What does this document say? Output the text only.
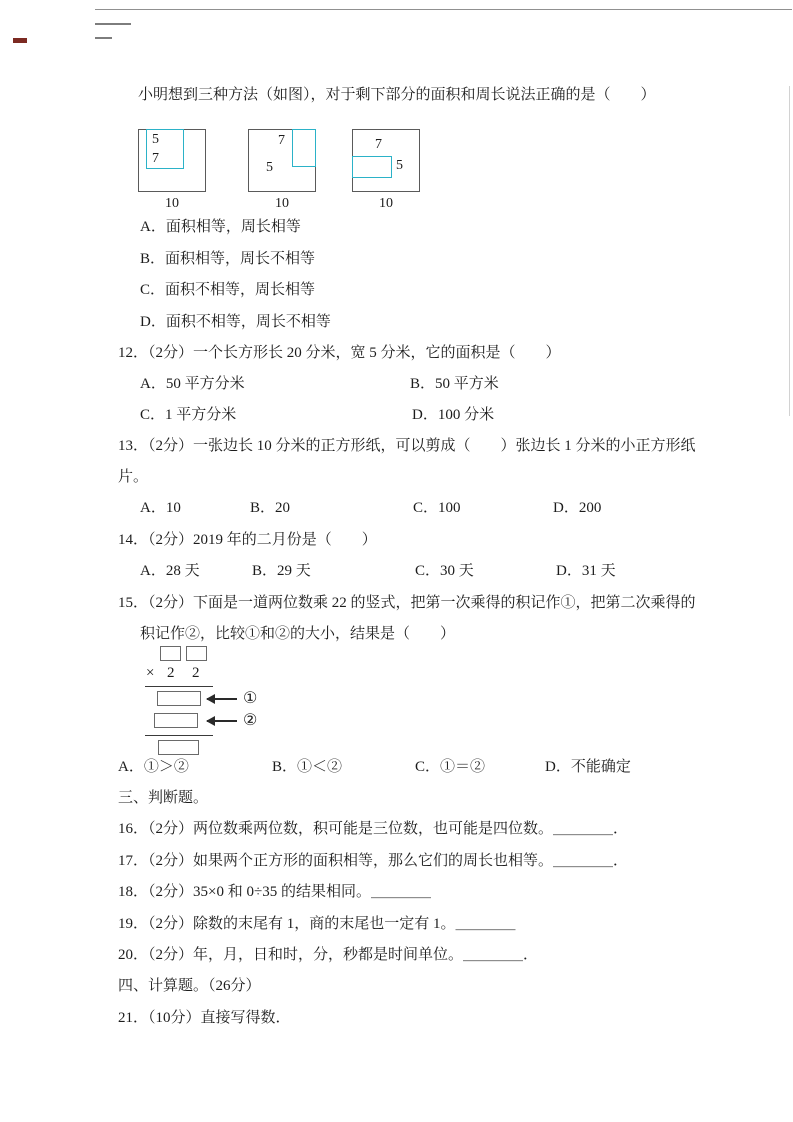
小明想到三种方法（如图），对于剩下部分的面积和周长说法正确的是（　　）
5
7
10
7
5
10
7
5
10
A．面积相等，周长相等
B．面积相等，周长不相等
C．面积不相等，周长相等
D．面积不相等，周长不相等
12．（2分）一个长方形长 20 分米，宽 5 分米，它的面积是（　　）
A．50 平方分米	B．50 平方米
C．1 平方分米	D．100 分米
13．（2分）一张边长 10 分米的正方形纸，可以剪成（　　）张边长 1 分米的小正方形纸
片。
A．10	B．20	C．100	D．200
14．（2分）2019 年的二月份是（　　）
A．28 天	B．29 天	C．30 天	D．31 天
15．（2分）下面是一道两位数乘 22 的竖式，把第一次乘得的积记作①，把第二次乘得的
积记作②，比较①和②的大小，结果是（　　）
× 2 2
①
②
A．①＞②	B．①＜②	C．①＝②	D．不能确定
三、判断题。
16．（2分）两位数乘两位数，积可能是三位数，也可能是四位数。＿＿＿＿．
17．（2分）如果两个正方形的面积相等，那么它们的周长也相等。＿＿＿＿．
18．（2分）35×0 和 0÷35 的结果相同。＿＿＿＿
19．（2分）除数的末尾有 1，商的末尾也一定有 1。＿＿＿＿
20．（2分）年，月，日和时，分，秒都是时间单位。＿＿＿＿．
四、计算题。（26分）
21．（10分）直接写得数．
